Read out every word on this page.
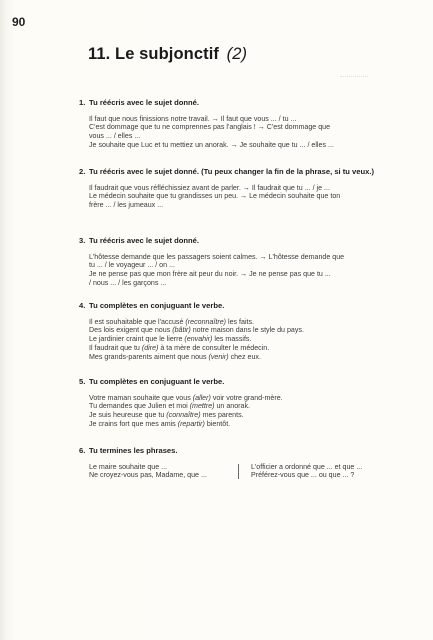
90
11. Le subjonctif (2)
1. Tu réécris avec le sujet donné.
Il faut que nous finissions notre travail. → Il faut que vous ... / tu ...
C'est dommage que tu ne comprennes pas l'anglais ! → C'est dommage que
vous ... / elles ...
Je souhaite que Luc et tu mettiez un anorak. → Je souhaite que tu ... / elles ...
2. Tu réécris avec le sujet donné. (Tu peux changer la fin de la phrase, si tu veux.)
Il faudrait que vous réfléchissiez avant de parler. → Il faudrait que tu ... / je ...
Le médecin souhaite que tu grandisses un peu. → Le médecin souhaite que ton
frère ... / les jumeaux ...
3. Tu réécris avec le sujet donné.
L'hôtesse demande que les passagers soient calmes. → L'hôtesse demande que
tu ... / le voyageur ... / on ...
Je ne pense pas que mon frère ait peur du noir. → Je ne pense pas que tu ...
/ nous ... / les garçons ...
4. Tu complètes en conjuguant le verbe.
Il est souhaitable que l'accusé (reconnaître) les faits.
Des lois exigent que nous (bâtir) notre maison dans le style du pays.
Le jardinier craint que le lierre (envahir) les massifs.
Il faudrait que tu (dire) à ta mère de consulter le médecin.
Mes grands-parents aiment que nous (venir) chez eux.
5. Tu complètes en conjuguant le verbe.
Votre maman souhaite que vous (aller) voir votre grand-mère.
Tu demandes que Julien et moi (mettre) un anorak.
Je suis heureuse que tu (connaître) mes parents.
Je crains fort que mes amis (repartir) bientôt.
6. Tu termines les phrases.
Le maire souhaite que ...
Ne croyez-vous pas, Madame, que ...
L'officier a ordonné que ... et que ...
Préférez-vous que ... ou que ... ?
